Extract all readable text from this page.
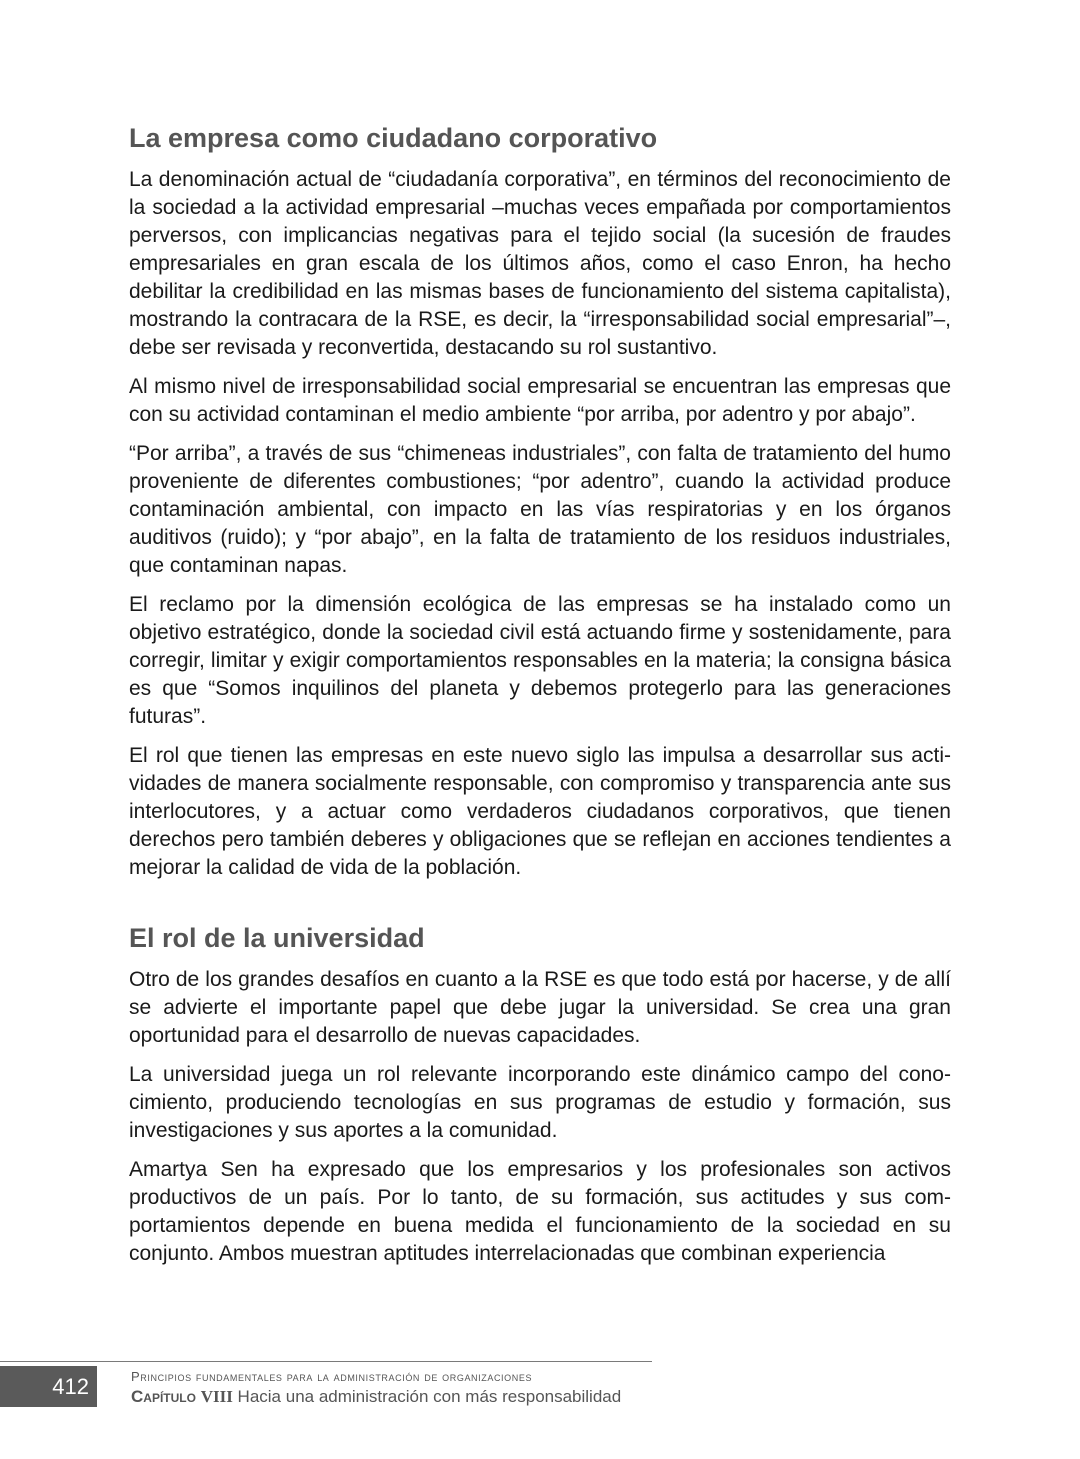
La empresa como ciudadano corporativo

La denominación actual de “ciudadanía corporativa”, en términos del reconocimiento de la sociedad a la actividad empresarial –muchas veces empañada por comportamientos perversos, con implicancias negativas para el tejido social (la sucesión de fraudes empresariales en gran escala de los últimos años, como el caso Enron, ha hecho debilitar la credibilidad en las mismas bases de funcionamiento del sistema capitalista), mostrando la contracara de la RSE, es decir, la “irresponsabilidad social empresarial”–, debe ser revisada y reconvertida, destacando su rol sustantivo.

Al mismo nivel de irresponsabilidad social empresarial se encuentran las empresas que con su actividad contaminan el medio ambiente “por arriba, por adentro y por abajo”.

“Por arriba”, a través de sus “chimeneas industriales”, con falta de tratamiento del humo proveniente de diferentes combustiones; “por adentro”, cuando la actividad produce contaminación ambiental, con impacto en las vías respiratorias y en los órganos auditivos (ruido); y “por abajo”, en la falta de tratamiento de los residuos industriales, que contaminan napas.

El reclamo por la dimensión ecológica de las empresas se ha instalado como un objetivo estratégico, donde la sociedad civil está actuando firme y sostenidamente, para corregir, limitar y exigir comportamientos responsables en la materia; la consigna básica es que “Somos inquilinos del planeta y debemos protegerlo para las generaciones futuras”.

El rol que tienen las empresas en este nuevo siglo las impulsa a desarrollar sus actividades de manera socialmente responsable, con compromiso y transparencia ante sus interlocutores, y a actuar como verdaderos ciudadanos corporativos, que tienen derechos pero también deberes y obligaciones que se reflejan en acciones tendientes a mejorar la calidad de vida de la población.

El rol de la universidad

Otro de los grandes desafíos en cuanto a la RSE es que todo está por hacerse, y de allí se advierte el importante papel que debe jugar la universidad. Se crea una gran oportunidad para el desarrollo de nuevas capacidades.

La universidad juega un rol relevante incorporando este dinámico campo del conocimiento, produciendo tecnologías en sus programas de estudio y formación, sus investigaciones y sus aportes a la comunidad.

Amartya Sen ha expresado que los empresarios y los profesionales son activos productivos de un país. Por lo tanto, de su formación, sus actitudes y sus comportamientos depende en buena medida el funcionamiento de la sociedad en su conjunto. Ambos muestran aptitudes interrelacionadas que combinan experiencia

412	Principios fundamentales para la administración de organizaciones
Capítulo VIII Hacia una administración con más responsabilidad
